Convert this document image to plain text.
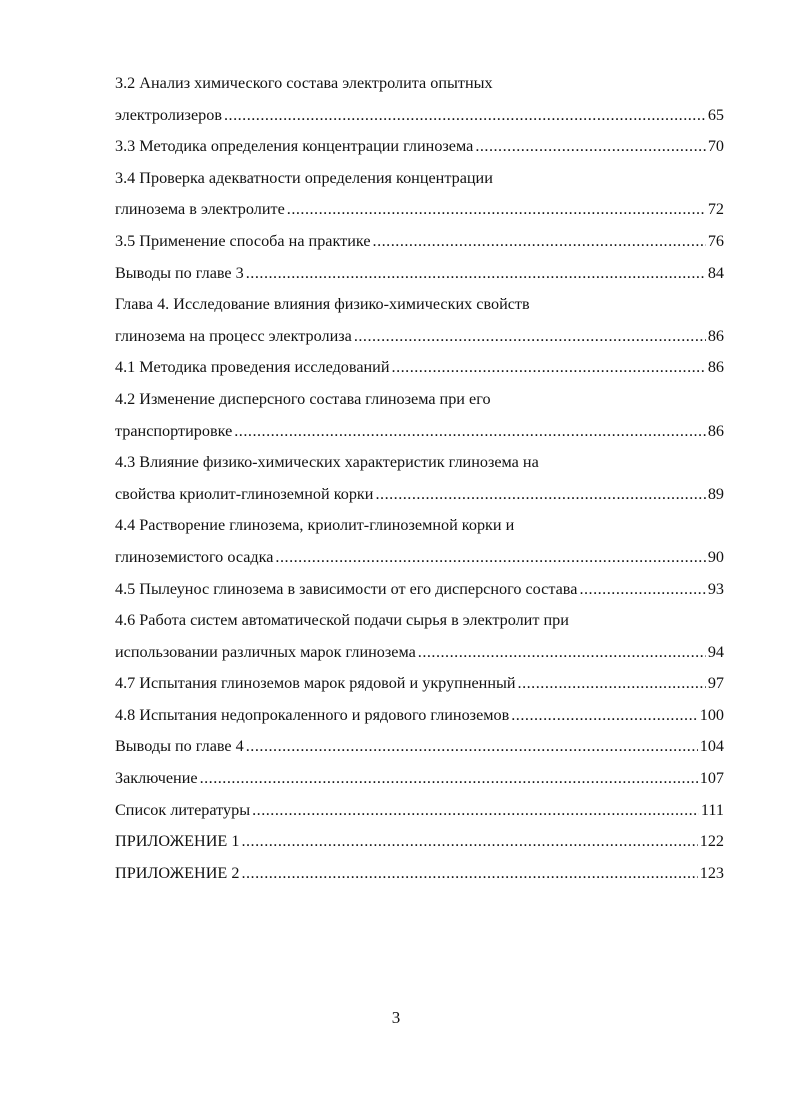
3.2 Анализ химического состава электролита опытных
электролизеров .....	65
3.3 Методика определения концентрации глинозема .....	70
3.4 Проверка адекватности определения концентрации
глинозема в электролите .....	72
3.5 Применение способа на практике .....	76
Выводы по главе 3 .....	84
Глава 4. Исследование влияния физико-химических свойств
глинозема на процесс электролиза .....	86
4.1 Методика проведения исследований .....	86
4.2 Изменение дисперсного состава глинозема при его
транспортировке .....	86
4.3 Влияние физико-химических характеристик глинозема на
свойства криолит-глиноземной корки .....	89
4.4 Растворение глинозема, криолит-глиноземной корки и
глиноземистого осадка .....	90
4.5 Пылеунос глинозема в зависимости от его дисперсного состава .....	93
4.6 Работа систем автоматической подачи сырья в электролит при
использовании различных марок глинозема .....	94
4.7 Испытания глиноземов марок рядовой и укрупненный .....	97
4.8 Испытания недопрокаленного и рядового глиноземов .....	100
Выводы по главе 4 .....	104
Заключение .....	107
Список литературы .....	111
ПРИЛОЖЕНИЕ 1 .....	122
ПРИЛОЖЕНИЕ 2 .....	123
3
